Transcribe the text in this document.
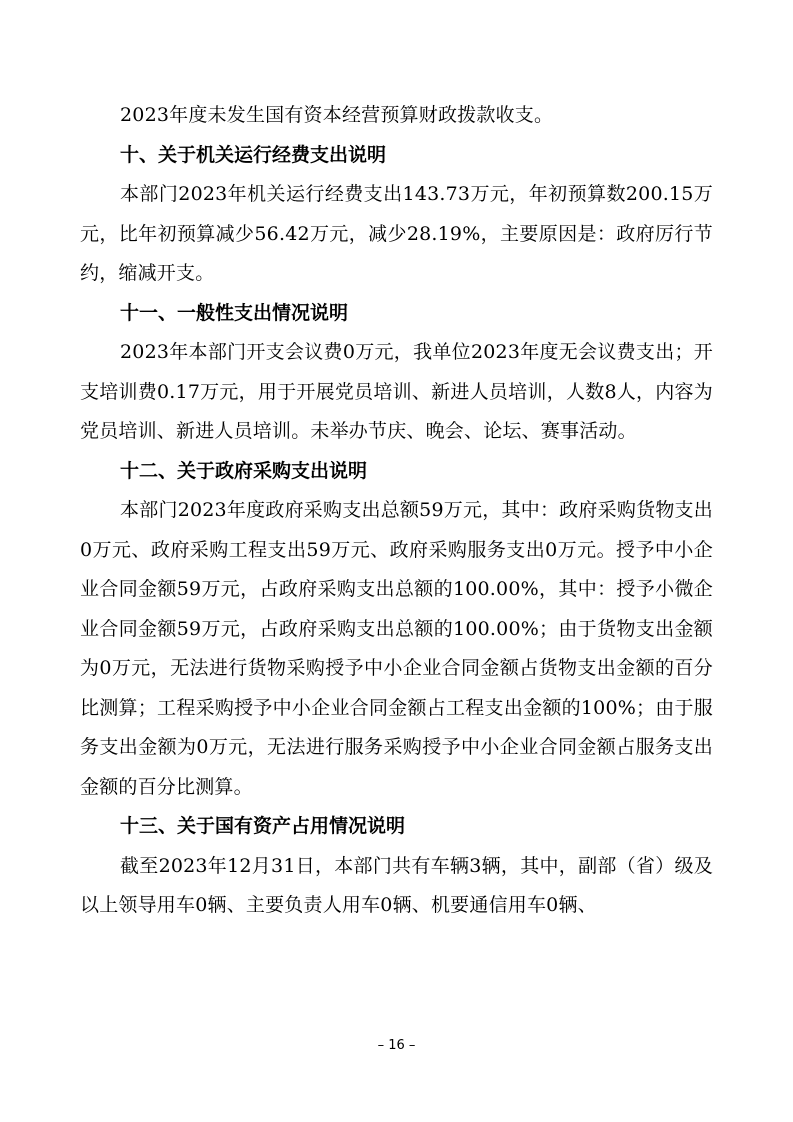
2023年度未发生国有资本经营预算财政拨款收支。

十、关于机关运行经费支出说明

本部门2023年机关运行经费支出143.73万元，年初预算数200.15万元，比年初预算减少56.42万元，减少28.19%，主要原因是：政府厉行节约，缩减开支。

十一、一般性支出情况说明

2023年本部门开支会议费0万元，我单位2023年度无会议费支出；开支培训费0.17万元，用于开展党员培训、新进人员培训，人数8人，内容为党员培训、新进人员培训。未举办节庆、晚会、论坛、赛事活动。

十二、关于政府采购支出说明

本部门2023年度政府采购支出总额59万元，其中：政府采购货物支出0万元、政府采购工程支出59万元、政府采购服务支出0万元。授予中小企业合同金额59万元，占政府采购支出总额的100.00%，其中：授予小微企业合同金额59万元，占政府采购支出总额的100.00%；由于货物支出金额为0万元，无法进行货物采购授予中小企业合同金额占货物支出金额的百分比测算；工程采购授予中小企业合同金额占工程支出金额的100%；由于服务支出金额为0万元，无法进行服务采购授予中小企业合同金额占服务支出金额的百分比测算。

十三、关于国有资产占用情况说明

截至2023年12月31日，本部门共有车辆3辆，其中，副部（省）级及以上领导用车0辆、主要负责人用车0辆、机要通信用车0辆、

– 16 –
